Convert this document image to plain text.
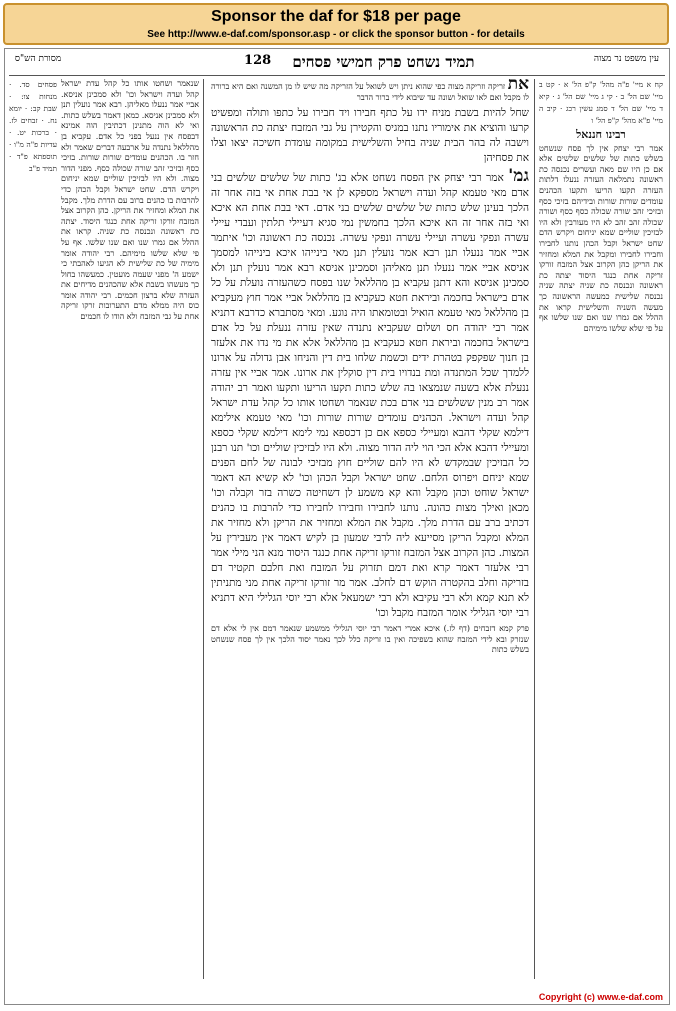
Sponsor the daf for $18 per page
See http://www.e-daf.com/sponsor.asp - or click the sponsor button - for details
מסורת הש"ס	128	תמיד נשחט פרק חמישי פסחים	עין משפט נר מצוה

קח א מיי' פ"ה מהל' ק"פ הל' א · קט ב מיי' שם הל' ב · קי ג מיי' שם הל' ג · קיא ד מיי' שם הל' ד סמג עשין רכג · קיב ה מיי' פ"א מהל' ק"פ הל' ו

רבינו חננאל

אמר רבי יצחק אין לך פסח שנשחט בשלש כתות של שלשים שלשים אלא אם כן היו שם מאה ועשרים נכנסה כת ראשונה נתמלאה העזרה ננעלו דלתות העזרה תקעו הריעו ותקעו הכהנים עומדים שורות שורות ובידיהם בזיכי כסף ובזיכי זהב שורה שכולה כסף כסף ושורה שכולה זהב זהב לא היו מעורבין ולא היו לבזיכין שוליים שמא יניחום ויקרש הדם שחט ישראל וקבל הכהן נותנו לחבירו וחבירו לחבירו ומקבל את המלא ומחזיר את הריקן כהן הקרוב אצל המזבח זורקו זריקה אחת כנגד היסוד יצתה כת ראשונה ונכנסה כת שניה יצתה שניה נכנסה שלישית כמעשה הראשונה כך מעשה השניה והשלישית קראו את ההלל אם גמרו שנו ואם שנו שלשו אף על פי שלא שלשו מימיהם

את זריקה וזריקה מצוה כפי שהוא ניתן ויש לשואל על הזריקה מה שיש לו מן המשנה ואם היא ברורה לו מקבל ואם לאו שואל ושונה עד שיבוא לידי ברור הדבר

שחל להיות בשבת מניח ידו על כתף חבירו ויד חבירו על כתפו ותולה ומפשיט קרעו והוציא את אימוריו נתנו במגיס והקטירן על גבי המזבח יצתה כת הראשונה וישבה לה בהר הבית שניה בחיל והשלישית במקומה עומדת חשיכה יצאו וצלו את פסחיהן

גמ' אמר רבי יצחק אין הפסח נשחט אלא בג' כתות של שלשים שלשים בני אדם מאי טעמא קהל ועדה וישראל מספקא לן אי בבת אחת אי בזה אחר זה הלכך בעינן שלש כתות של שלשים שלשים בני אדם. דאי בבת אחת הא איכא ואי בזה אחר זה הא איכא הלכך בחמשין נמי סגיא דעיילי תלתין ועבדי עיילי עשרה ונפקי עשרה ועיילי עשרה ונפקי עשרה. נכנסה כת ראשונה וכו' איתמר אביי אמר ננעלו תנן רבא אמר נועלין תנן מאי בינייהו איכא בינייהו למסמך אניסא אביי אמר ננעלו תנן מאליהן וסמכינן אניסא רבא אמר נועלין תנן ולא סמכינן אניסא והא דתנן עקביא בן מהללאל שנו בפסח כשהעזרה נועלת על כל אדם בישראל בחכמה וביראת חטא כעקביא בן מהללאל אביי אמר חוץ מעקביא בן מהללאל מאי טעמא הואיל ובטומאתו היה נוגע. ומאי מסתברא כדרבא דתניא אמר רבי יהודה חס ושלום שעקביא נתנדה שאין עזרה ננעלת על כל אדם בישראל בחכמה וביראת חטא כעקביא בן מהללאל אלא את מי נדו את אלעזר בן חנוך שפקפק בטהרת ידים וכשמת שלחו בית דין והניחו אבן גדולה על ארונו ללמדך שכל המתנדה ומת בנדויו בית דין סוקלין את ארונו. אמר אביי אין עזרה ננעלת אלא בשעה שנמצאו בה שלש כתות תקעו הריעו ותקעו ואמר רב יהודה אמר רב מנין ששלשים בני אדם בכת שנאמר ושחטו אותו כל קהל עדת ישראל קהל ועדה וישראל. הכהנים עומדים שורות שורות וכו' מאי טעמא אילימא דילמא שקלי דהבא ומעיילי כספא אם כן דכספא נמי לימא דילמא שקלי כספא ומעיילי דהבא אלא הכי הוי ליה הדור מצוה. ולא היו לבזיכין שוליים וכו' תנו רבנן כל הבזיכין שבמקדש לא היו להם שוליים חוץ מבזיכי לבונה של לחם הפנים שמא יניחם ויפרוס הלחם. שחט ישראל וקבל הכהן וכו' לא קשיא הא דאמר ישראל שוחט וכהן מקבל והא קא משמע לן דשחיטה כשרה בזר וקבלה וכו' מכאן ואילך מצות כהונה. נותנו לחבירו וחבירו לחבירו כדי להרבות בו כהנים דכתיב ברב עם הדרת מלך. מקבל את המלא ומחזיר את הריקן ולא מחזיר את המלא ומקבל הריקן מסייעא ליה לרבי שמעון בן לקיש דאמר אין מעבירין על המצות. כהן הקרוב אצל המזבח זורקו זריקה אחת כנגד היסוד מנא הני מילי אמר רבי אלעזר דאמר קרא ואת דמם תזרוק על המזבח ואת חלבם תקטיר דם בזריקה וחלב בהקטרה הוקש דם לחלב. אמר מר זורקו זריקה אחת מני מתניתין לא תנא קמא ולא רבי עקיבא ולא רבי ישמעאל אלא רבי יוסי הגלילי היא דתניא רבי יוסי הגלילי אומר המזבח מקבל וכו'

פרק קמא דזבחים (דף לז.) איכא אמרי דאמר רבי יוסי הגלילי ממשמע שנאמר דמם אין לי אלא דם שנזרק ובא לידי המזבח שהוא בשפיכה ואין בו זריקה כלל לכך נאמר יסוד הלכך אין לך פסח שנשחט בשלש כתות

שנאמר ושחטו אותו כל קהל עדת ישראל קהל ועדה וישראל וכו' ולא סמכינן אניסא. אביי אמר ננעלו מאליהן. רבא אמר נועלין תנן ולא סמכינן אניסא. כמאן דאמר בשלש כתות. ואי לא הוה מתנינן דכתיבין הוה אמינא דבפסח אין ננעל בפני כל אדם. עקביא בן מהללאל נתנדה על ארבעה דברים שאמר ולא חזר בו. הכהנים עומדים שורות שורות. בזיכי כסף ובזיכי זהב שורה שכולה כסף. מפני הדור מצוה. ולא היו לבזיכין שוליים שמא יניחום ויקרש הדם. שחט ישראל וקבל הכהן כדי להרבות בו כהנים ברוב עם הדרת מלך. מקבל את המלא ומחזיר את הריקן. כהן הקרוב אצל המזבח זורקו זריקה אחת כנגד היסוד. יצתה כת ראשונה ונכנסה כת שניה. קראו את ההלל אם גמרו שנו ואם שנו שלשו. אף על פי שלא שלשו מימיהם. רבי יהודה אומר מימיה של כת שלישית לא הגיעו לאהבתי כי ישמע ה' מפני שעמה מועטין. כמעשהו בחול כך מעשהו בשבת אלא שהכהנים מדיחים את העזרה שלא ברצון חכמים. רבי יהודה אומר כוס היה ממלא מדם התערובות זרקו זריקה אחת על גבי המזבח ולא הודו לו חכמים

פסחים סד. · מנחות צו: · שבת קב: · יומא נח. · זבחים לז. · ברכות יט. · עדיות פ"ה מ"ו · תוספתא פ"ד · תמיד פ"ב

Copyright (c) www.e-daf.com
